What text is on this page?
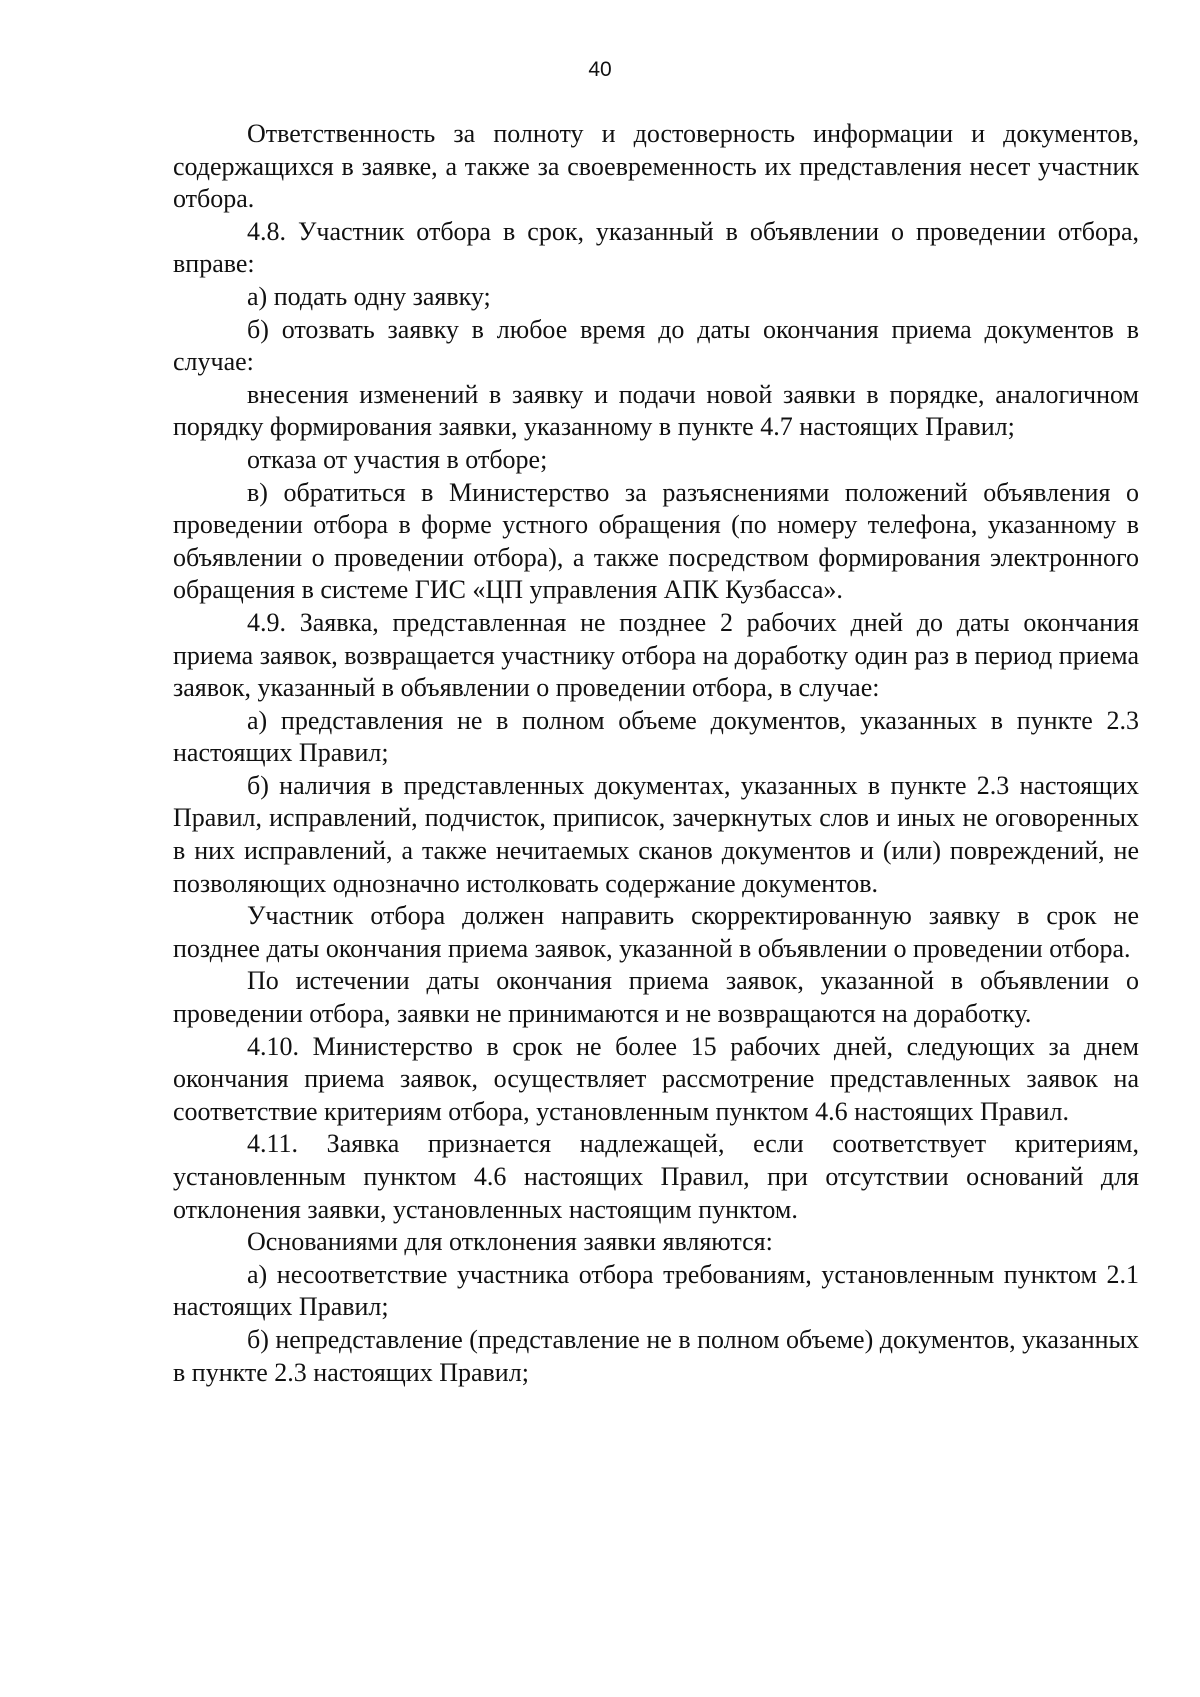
40

Ответственность за полноту и достоверность информации и документов, содержащихся в заявке, а также за своевременность их представления несет участник отбора.

4.8. Участник отбора в срок, указанный в объявлении о проведении отбора, вправе:

а) подать одну заявку;

б) отозвать заявку в любое время до даты окончания приема документов в случае:

внесения изменений в заявку и подачи новой заявки в порядке, аналогичном порядку формирования заявки, указанному в пункте 4.7 настоящих Правил;

отказа от участия в отборе;

в) обратиться в Министерство за разъяснениями положений объявления о проведении отбора в форме устного обращения (по номеру телефона, указанному в объявлении о проведении отбора), а также посредством формирования электронного обращения в системе ГИС «ЦП управления АПК Кузбасса».

4.9. Заявка, представленная не позднее 2 рабочих дней до даты окончания приема заявок, возвращается участнику отбора на доработку один раз в период приема заявок, указанный в объявлении о проведении отбора, в случае:

а) представления не в полном объеме документов, указанных в пункте 2.3 настоящих Правил;

б) наличия в представленных документах, указанных в пункте 2.3 настоящих Правил, исправлений, подчисток, приписок, зачеркнутых слов и иных не оговоренных в них исправлений, а также нечитаемых сканов документов и (или) повреждений, не позволяющих однозначно истолковать содержание документов.

Участник отбора должен направить скорректированную заявку в срок не позднее даты окончания приема заявок, указанной в объявлении о проведении отбора.

По истечении даты окончания приема заявок, указанной в объявлении о проведении отбора, заявки не принимаются и не возвращаются на доработку.

4.10. Министерство в срок не более 15 рабочих дней, следующих за днем окончания приема заявок, осуществляет рассмотрение представленных заявок на соответствие критериям отбора, установленным пунктом 4.6 настоящих Правил.

4.11. Заявка признается надлежащей, если соответствует критериям, установленным пунктом 4.6 настоящих Правил, при отсутствии оснований для отклонения заявки, установленных настоящим пунктом.

Основаниями для отклонения заявки являются:

а) несоответствие участника отбора требованиям, установленным пунктом 2.1 настоящих Правил;

б) непредставление (представление не в полном объеме) документов, указанных в пункте 2.3 настоящих Правил;
